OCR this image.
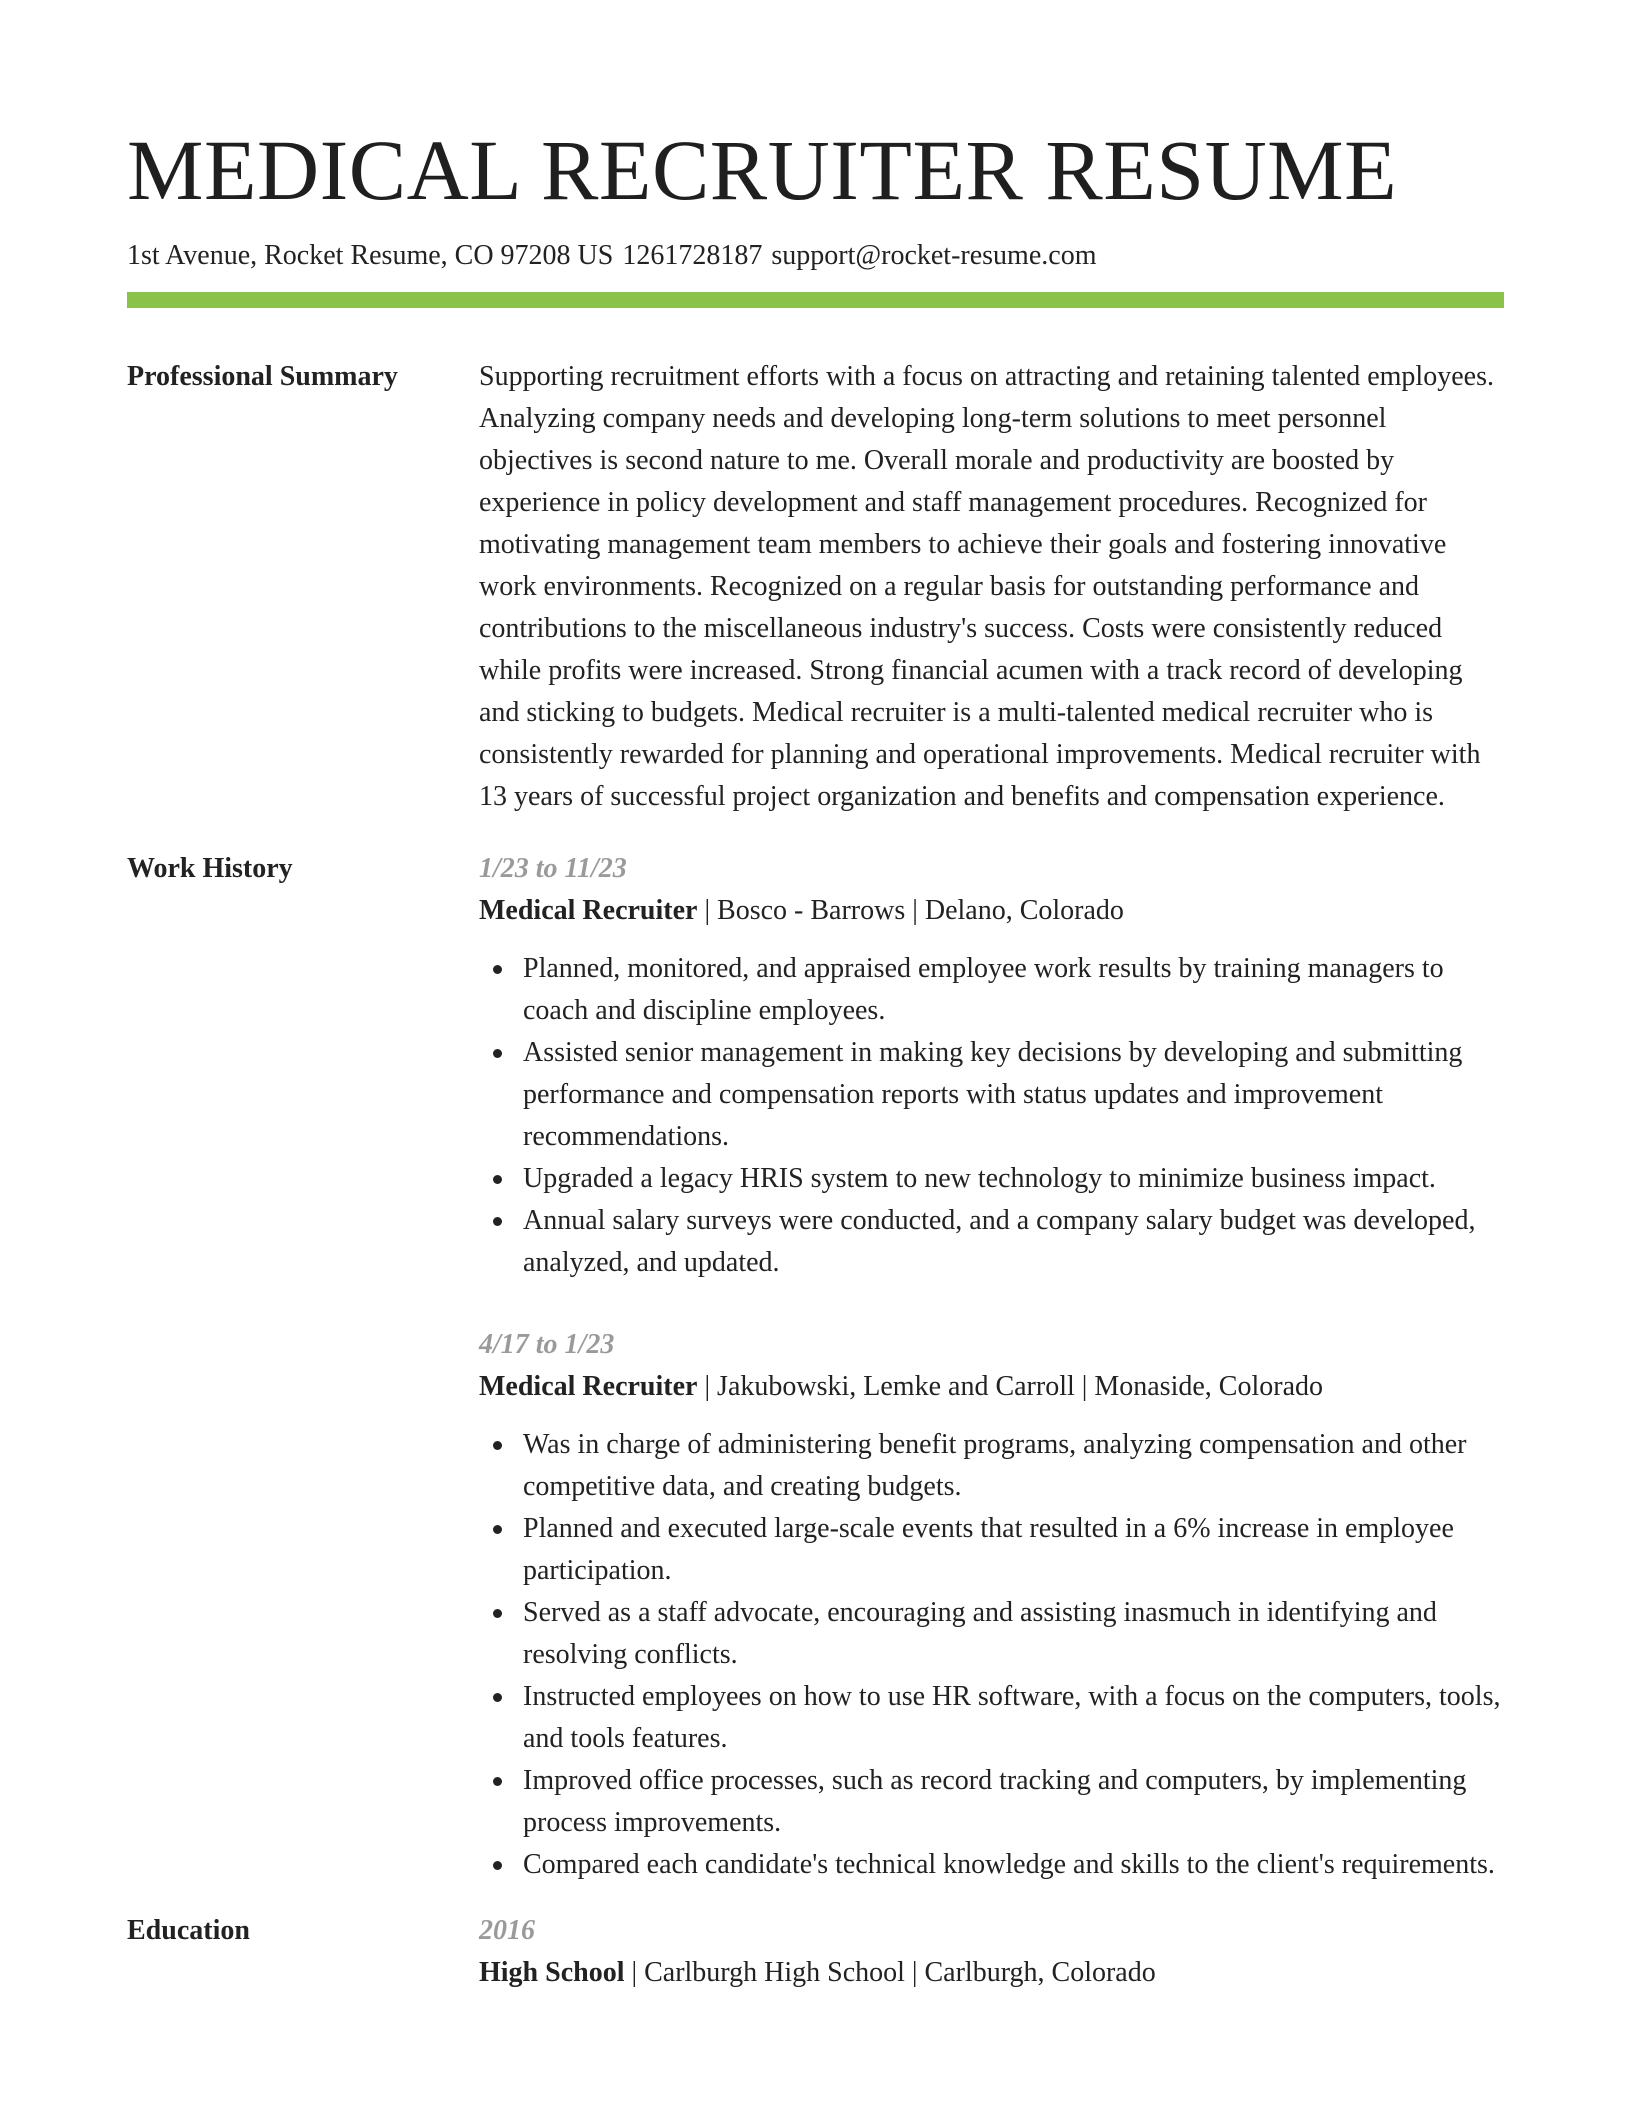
MEDICAL RECRUITER RESUME
1st Avenue, Rocket Resume, CO 97208 US 1261728187 support@rocket-resume.com
Professional Summary	Supporting recruitment efforts with a focus on attracting and retaining talented employees. Analyzing company needs and developing long-term solutions to meet personnel objectives is second nature to me. Overall morale and productivity are boosted by experience in policy development and staff management procedures. Recognized for motivating management team members to achieve their goals and fostering innovative work environments. Recognized on a regular basis for outstanding performance and contributions to the miscellaneous industry's success. Costs were consistently reduced while profits were increased. Strong financial acumen with a track record of developing and sticking to budgets. Medical recruiter is a multi-talented medical recruiter who is consistently rewarded for planning and operational improvements. Medical recruiter with 13 years of successful project organization and benefits and compensation experience.
Work History	1/23 to 11/23
Medical Recruiter | Bosco - Barrows | Delano, Colorado
Planned, monitored, and appraised employee work results by training managers to coach and discipline employees.
Assisted senior management in making key decisions by developing and submitting performance and compensation reports with status updates and improvement recommendations.
Upgraded a legacy HRIS system to new technology to minimize business impact.
Annual salary surveys were conducted, and a company salary budget was developed, analyzed, and updated.
4/17 to 1/23
Medical Recruiter | Jakubowski, Lemke and Carroll | Monaside, Colorado
Was in charge of administering benefit programs, analyzing compensation and other competitive data, and creating budgets.
Planned and executed large-scale events that resulted in a 6% increase in employee participation.
Served as a staff advocate, encouraging and assisting inasmuch in identifying and resolving conflicts.
Instructed employees on how to use HR software, with a focus on the computers, tools, and tools features.
Improved office processes, such as record tracking and computers, by implementing process improvements.
Compared each candidate's technical knowledge and skills to the client's requirements.
Education	2016
High School | Carlburgh High School | Carlburgh, Colorado
